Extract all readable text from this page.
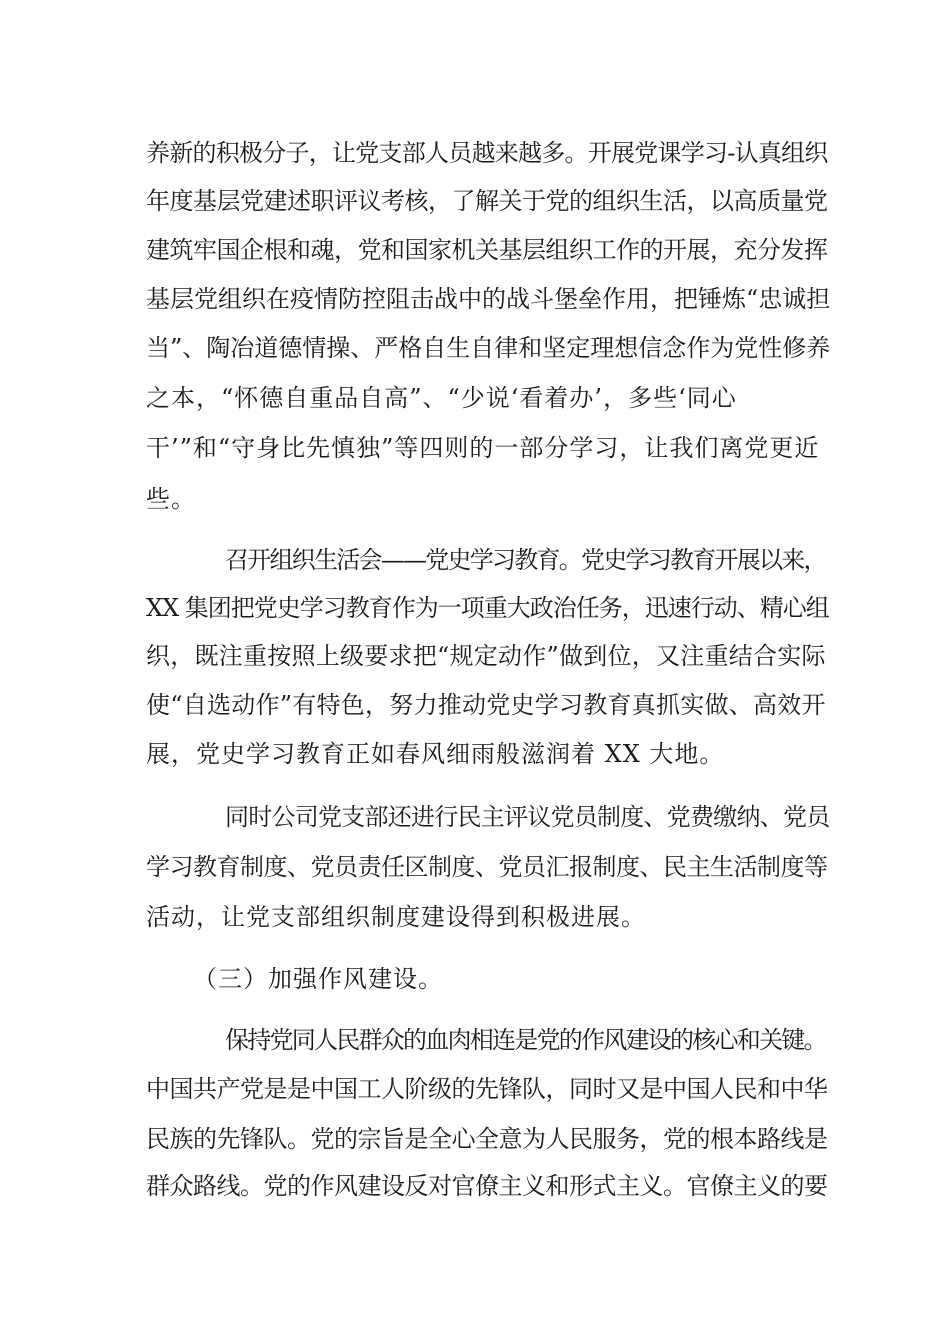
养新的积极分子，让党支部人员越来越多。开展党课学习-认真组织
年度基层党建述职评议考核，了解关于党的组织生活，以高质量党
建筑牢国企根和魂，党和国家机关基层组织工作的开展，充分发挥
基层党组织在疫情防控阻击战中的战斗堡垒作用，把锤炼“忠诚担
当”、陶冶道德情操、严格自生自律和坚定理想信念作为党性修养
之本，“怀德自重品自高”、“少说‘看着办’，多些‘同心
干’”和“守身比先慎独”等四则的一部分学习，让我们离党更近
些。
召开组织生活会——党史学习教育。党史学习教育开展以来，
XX 集团把党史学习教育作为一项重大政治任务，迅速行动、精心组
织，既注重按照上级要求把“规定动作”做到位，又注重结合实际
使“自选动作”有特色，努力推动党史学习教育真抓实做、高效开
展，党史学习教育正如春风细雨般滋润着 XX 大地。
同时公司党支部还进行民主评议党员制度、党费缴纳、党员
学习教育制度、党员责任区制度、党员汇报制度、民主生活制度等
活动，让党支部组织制度建设得到积极进展。
（三）加强作风建设。
保持党同人民群众的血肉相连是党的作风建设的核心和关键。
中国共产党是是中国工人阶级的先锋队，同时又是中国人民和中华
民族的先锋队。党的宗旨是全心全意为人民服务，党的根本路线是
群众路线。党的作风建设反对官僚主义和形式主义。官僚主义的要
